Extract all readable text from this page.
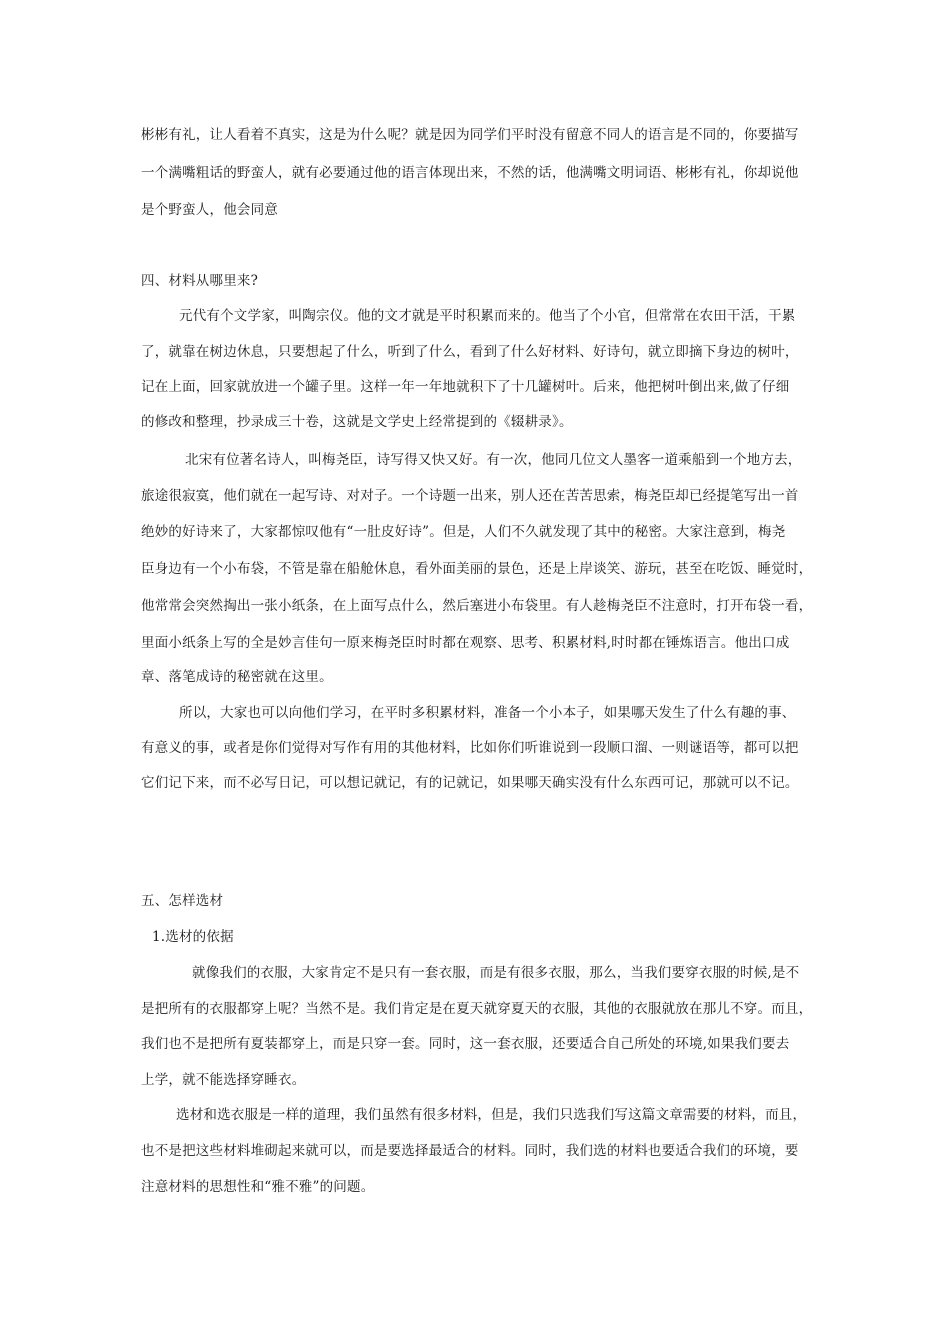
彬彬有礼，让人看着不真实，这是为什么呢？就是因为同学们平时没有留意不同人的语言是不同的，你要描写
一个满嘴粗话的野蛮人，就有必要通过他的语言体现出来，不然的话，他满嘴文明词语、彬彬有礼，你却说他
是个野蛮人，他会同意
四、材料从哪里来?
元代有个文学家，叫陶宗仪。他的文才就是平时积累而来的。他当了个小官，但常常在农田干活，干累
了，就靠在树边休息，只要想起了什么，听到了什么，看到了什么好材料、好诗句，就立即摘下身边的树叶，
记在上面，回家就放进一个罐子里。这样一年一年地就积下了十几罐树叶。后来，他把树叶倒出来,做了仔细
的修改和整理，抄录成三十卷，这就是文学史上经常提到的《辍耕录》。
北宋有位著名诗人，叫梅尧臣，诗写得又快又好。有一次，他同几位文人墨客一道乘船到一个地方去，
旅途很寂寞，他们就在一起写诗、对对子。一个诗题一出来，别人还在苦苦思索，梅尧臣却已经提笔写出一首
绝妙的好诗来了，大家都惊叹他有“一肚皮好诗”。但是，人们不久就发现了其中的秘密。大家注意到，梅尧
臣身边有一个小布袋，不管是靠在船舱休息，看外面美丽的景色，还是上岸谈笑、游玩，甚至在吃饭、睡觉时，
他常常会突然掏出一张小纸条，在上面写点什么，然后塞进小布袋里。有人趁梅尧臣不注意时，打开布袋一看，
里面小纸条上写的全是妙言佳句一原来梅尧臣时时都在观察、思考、积累材料,时时都在锤炼语言。他出口成
章、落笔成诗的秘密就在这里。
所以，大家也可以向他们学习，在平时多积累材料，准备一个小本子，如果哪天发生了什么有趣的事、
有意义的事，或者是你们觉得对写作有用的其他材料，比如你们听谁说到一段顺口溜、一则谜语等，都可以把
它们记下来，而不必写日记，可以想记就记，有的记就记，如果哪天确实没有什么东西可记，那就可以不记。
五、怎样选材
1.选材的依据
就像我们的衣服，大家肯定不是只有一套衣服，而是有很多衣服，那么，当我们要穿衣服的时候,是不
是把所有的衣服都穿上呢？当然不是。我们肯定是在夏天就穿夏天的衣服，其他的衣服就放在那儿不穿。而且，
我们也不是把所有夏装都穿上，而是只穿一套。同时，这一套衣服，还要适合自己所处的环境,如果我们要去
上学，就不能选择穿睡衣。
选材和选衣服是一样的道理，我们虽然有很多材料，但是，我们只选我们写这篇文章需要的材料，而且，
也不是把这些材料堆砌起来就可以，而是要选择最适合的材料。同时，我们选的材料也要适合我们的环境，要
注意材料的思想性和“雅不雅”的问题。
